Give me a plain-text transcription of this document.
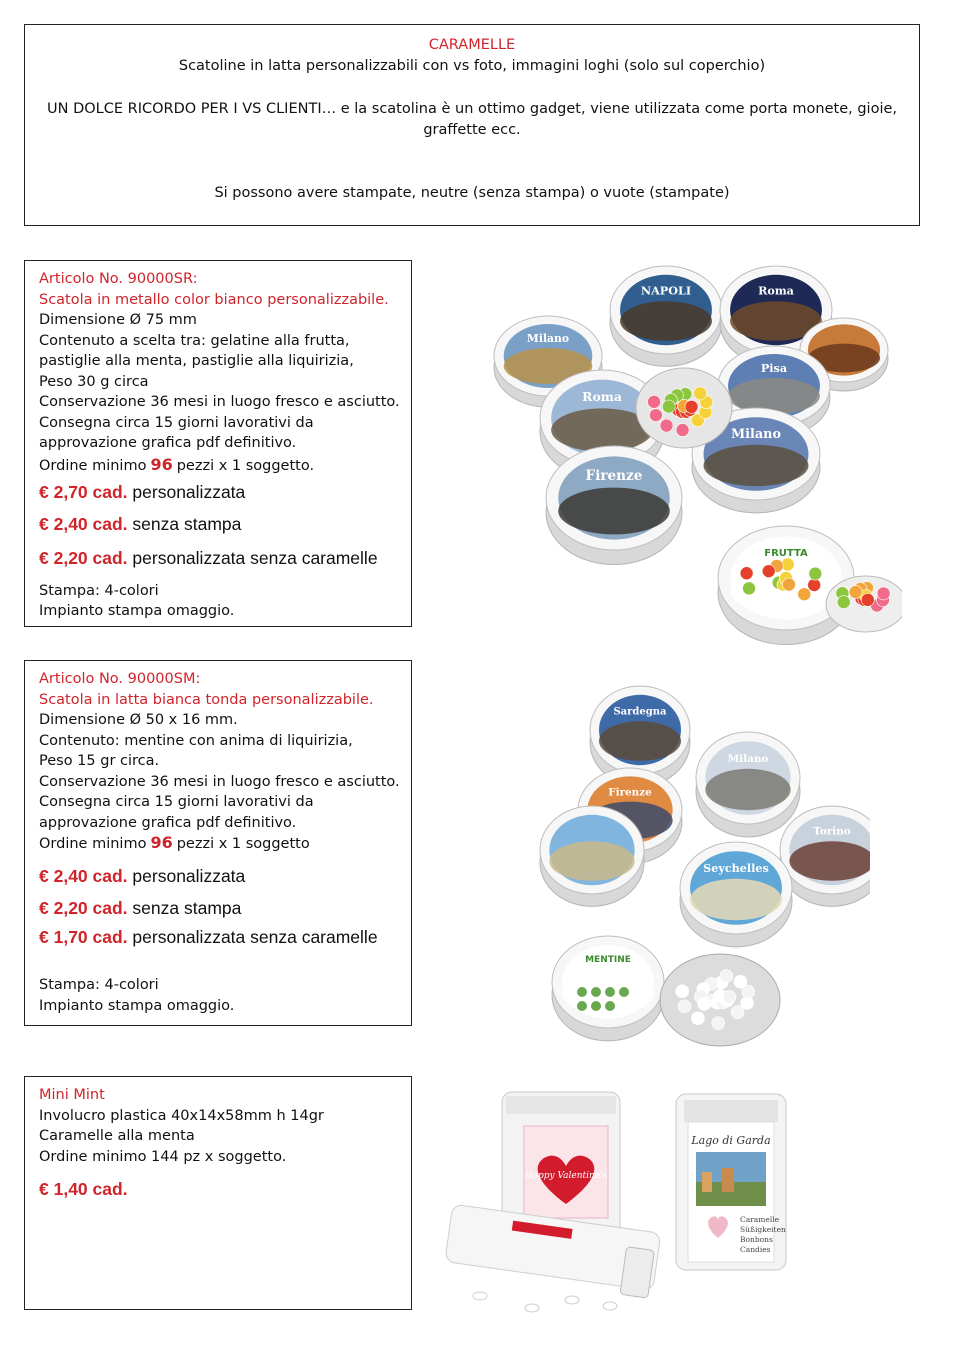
CARAMELLE

Scatoline in latta personalizzabili con vs foto, immagini loghi (solo sul coperchio)

UN DOLCE RICORDO PER I VS CLIENTI… e la scatolina è un ottimo gadget, viene utilizzata come porta monete, gioie,

graffette ecc.

Si possono avere stampate, neutre (senza stampa) o vuote (stampate)

Articolo No. 90000SR:
Scatola in metallo color bianco personalizzabile.
Dimensione Ø 75 mm
Contenuto a scelta tra: gelatine alla frutta, pastiglie alla menta, pastiglie alla liquirizia,
Peso 30 g circa
Conservazione 36 mesi in luogo fresco e asciutto.
Consegna circa 15 giorni lavorativi da approvazione grafica pdf definitivo.
Ordine minimo 96 pezzi x 1 soggetto.
€ 2,70 cad. personalizzata
€ 2,40 cad. senza stampa
€ 2,20 cad. personalizzata senza caramelle
Stampa: 4-colori
Impianto stampa omaggio.
Articolo No. 90000SM:
Scatola in latta bianca tonda personalizzabile.
Dimensione Ø 50 x 16 mm.
Contenuto: mentine con anima di liquirizia,
Peso 15 gr circa.
Conservazione 36 mesi in luogo fresco e asciutto.
Consegna circa 15 giorni lavorativi da approvazione grafica pdf definitivo.
Ordine minimo 96 pezzi x 1 soggetto
€ 2,40 cad. personalizzata
€ 2,20 cad. senza stampa
€ 1,70 cad. personalizzata senza caramelle
Stampa: 4-colori
Impianto stampa omaggio.
Mini Mint
Involucro plastica 40x14x58mm h 14gr
Caramelle alla menta
Ordine minimo 144 pz x soggetto.
€ 1,40 cad.
NAPOLI	Roma
Milano
Pisa
Roma
Milano
Firenze
FRUTTA
Sardegna
Milano
Firenze
Torino
Seychelles
MENTINE
Happy Valentine's
Lago di Garda
Caramelle
Süßigkeiten
Bonbons
Candies
